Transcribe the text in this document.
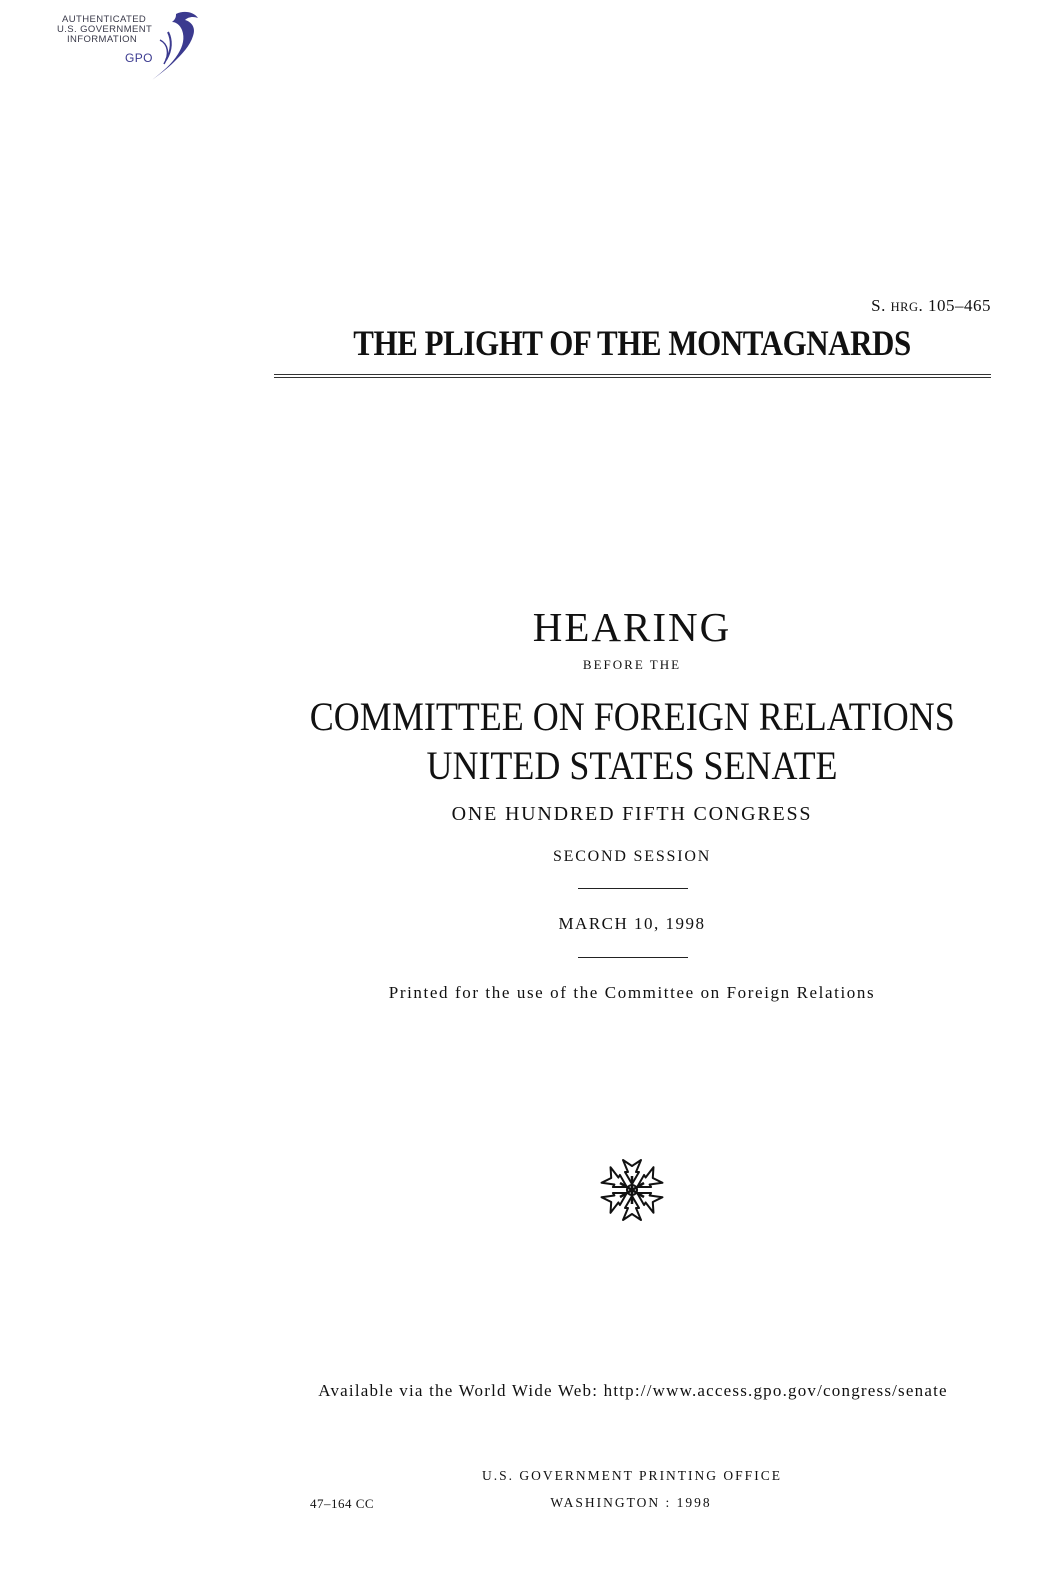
AUTHENTICATED
U.S. GOVERNMENT
INFORMATION
GPO
S. HRG. 105–465
THE PLIGHT OF THE MONTAGNARDS
HEARING
BEFORE THE
COMMITTEE ON FOREIGN RELATIONS
UNITED STATES SENATE
ONE HUNDRED FIFTH CONGRESS
SECOND SESSION
MARCH 10, 1998
Printed for the use of the Committee on Foreign Relations
Available via the World Wide Web: http://www.access.gpo.gov/congress/senate
U.S. GOVERNMENT PRINTING OFFICE
47–164 CC	WASHINGTON : 1998
